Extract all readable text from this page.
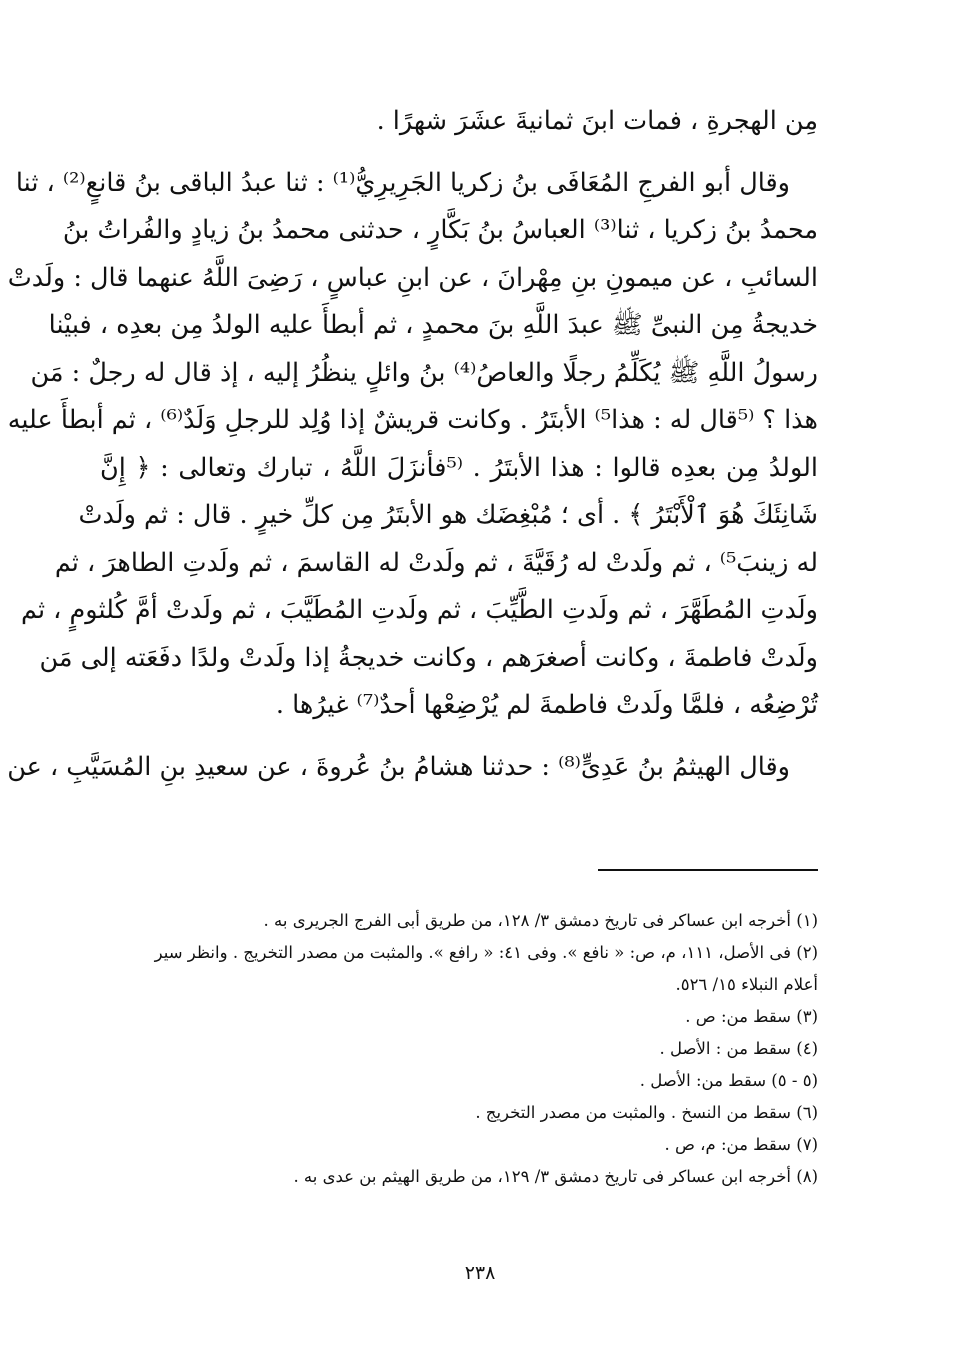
مِن الهجرةِ ، فمات ابنَ ثمانيةَ عشَرَ شهرًا .

وقال أبو الفرجِ المُعَافَى بنُ زكريا الجَرِيرِيُّ⁽¹⁾ : ثنا عبدُ الباقى بنُ قانعٍ⁽²⁾ ، ثنا
محمدُ بنُ زكريا ، ثنا⁽³⁾ العباسُ بنُ بَكَّارٍ ، حدثنى محمدُ بنُ زيادٍ والفُراتُ بنُ
السائبِ ، عن ميمونِ بنِ مِهْرانَ ، عن ابنِ عباسٍ ، رَضِىَ اللَّهُ عنهما قال : ولَدتْ
خديجةُ مِن النبىِّ ﷺ عبدَ اللَّهِ بنَ محمدٍ ، ثم أبطأَ عليه الولدُ مِن بعدِه ، فبيْنا
رسولُ اللَّهِ ﷺ يُكَلِّمُ رجلًا والعاصُ⁽⁴⁾ بنُ وائلٍ ينظُرُ إليه ، إذ قال له رجلٌ : مَن
هذا ؟ ⁽⁵قال له : هذا⁵⁾ الأبتَرُ . وكانت قريشٌ إذا وُلِد للرجلِ وَلَدٌ⁽⁶⁾ ، ثم أبطأَ عليه
الولدُ مِن بعدِه قالوا : هذا الأبتَرُ . ⁽⁵فأنزَلَ اللَّهُ ، تبارك وتعالى : ﴿ إِنَّ
شَانِئَكَ هُوَ ٱلْأَبْتَرُ ﴾ . أى ؛ مُبْغِضَك هو الأبتَرُ مِن كلِّ خيرٍ . قال : ثم ولَدتْ
له زينبَ⁵⁾ ، ثم ولَدتْ له رُقَيَّةَ ، ثم ولَدتْ له القاسمَ ، ثم ولَدتِ الطاهرَ ، ثم
ولَدتِ المُطَهَّرَ ، ثم ولَدتِ الطَّيِّبَ ، ثم ولَدتِ المُطَيَّبَ ، ثم ولَدتْ أمَّ كُلثومٍ ، ثم
ولَدتْ فاطمةَ ، وكانت أصغرَهم ، وكانت خديجةُ إذا ولَدتْ ولدًا دفَعَته إلى مَن
تُرْضِعُه ، فلمَّا ولَدتْ فاطمةَ لم يُرْضِعْها أحدٌ⁽⁷⁾ غيرُها .

وقال الهيثمُ بنُ عَدِىٍّ⁽⁸⁾ : حدثنا هشامُ بنُ عُروةَ ، عن سعيدِ بنِ المُسَيَّبِ ، عن

(١) أخرجه ابن عساكر فى تاريخ دمشق ٣/ ١٢٨، من طريق أبى الفرج الجريرى به .

(٢) فى الأصل، ١١١، م، ص: « نافع ». وفى ٤١: « رافع ». والمثبت من مصدر التخريج . وانظر سير
أعلام النبلاء ١٥/ ٥٢٦.

(٣) سقط من: ص .

(٤) سقط من : الأصل .

(٥ - ٥) سقط من: الأصل .

(٦) سقط من النسخ . والمثبت من مصدر التخريج .

(٧) سقط من: م، ص .

(٨) أخرجه ابن عساكر فى تاريخ دمشق ٣/ ١٢٩، من طريق الهيثم بن عدى به .

٢٣٨
